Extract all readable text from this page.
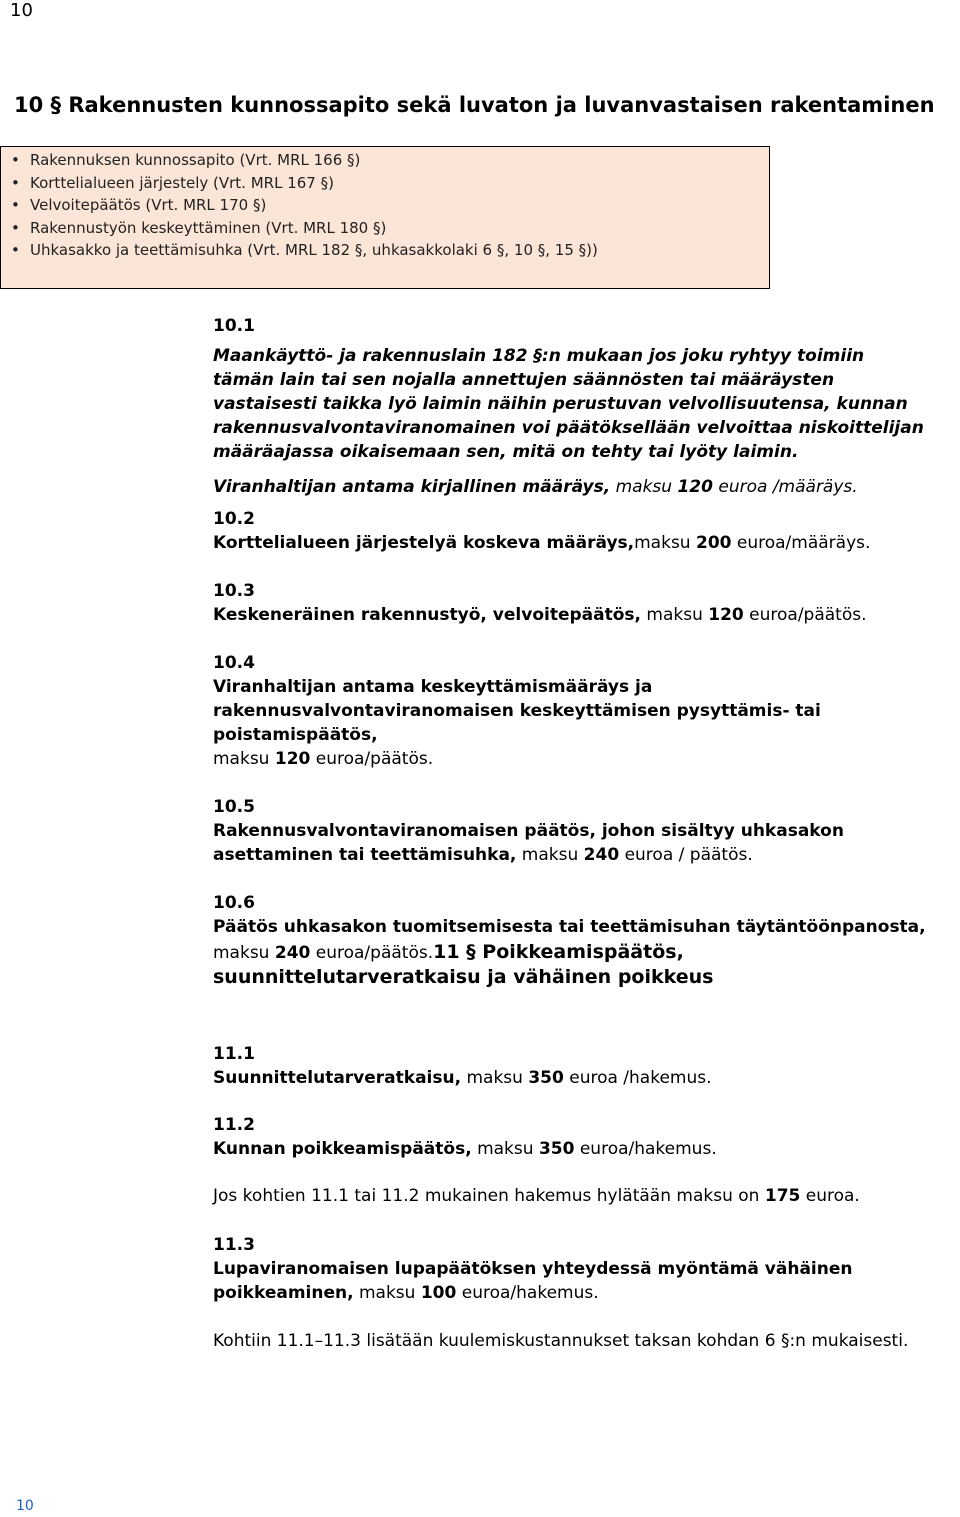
10
10 § Rakennusten kunnossapito sekä luvaton ja luvanvastaisen rakentaminen
• Rakennuksen kunnossapito (Vrt. MRL 166 §)
• Korttelialueen järjestely (Vrt. MRL 167 §)
• Velvoitepäätös (Vrt. MRL 170 §)
• Rakennustyön keskeyttäminen (Vrt. MRL 180 §)
• Uhkasakko ja teettämisuhka (Vrt. MRL 182 §, uhkasakkolaki 6 §, 10 §, 15 §))
10.1
Maankäyttö- ja rakennuslain 182 §:n mukaan jos joku ryhtyy toimiin
tämän lain tai sen nojalla annettujen säännösten tai määräysten
vastaisesti taikka lyö laimin näihin perustuvan velvollisuutensa, kunnan
rakennusvalvontaviranomainen voi päätöksellään velvoittaa niskoittelijan
määräajassa oikaisemaan sen, mitä on tehty tai lyöty laimin.
Viranhaltijan antama kirjallinen määräys, maksu 120 euroa /määräys.
10.2
Korttelialueen järjestelyä koskeva määräys,maksu 200 euroa/määräys.
10.3
Keskeneräinen rakennustyö, velvoitepäätös, maksu 120 euroa/päätös.
10.4
Viranhaltijan antama keskeyttämismääräys ja
rakennusvalvontaviranomaisen keskeyttämisen pysyttämis- tai
poistamispäätös,
maksu 120 euroa/päätös.
10.5
Rakennusvalvontaviranomaisen päätös, johon sisältyy uhkasakon
asettaminen tai teettämisuhka, maksu 240 euroa / päätös.
10.6
Päätös uhkasakon tuomitsemisesta tai teettämisuhan täytäntöönpanosta,
maksu 240 euroa/päätös.11 § Poikkeamispäätös,
suunnittelutarveratkaisu ja vähäinen poikkeus
11.1
Suunnittelutarveratkaisu, maksu 350 euroa /hakemus.
11.2
Kunnan poikkeamispäätös, maksu 350 euroa/hakemus.
Jos kohtien 11.1 tai 11.2 mukainen hakemus hylätään maksu on 175 euroa.
11.3
Lupaviranomaisen lupapäätöksen yhteydessä myöntämä vähäinen
poikkeaminen, maksu 100 euroa/hakemus.
Kohtiin 11.1–11.3 lisätään kuulemiskustannukset taksan kohdan 6 §:n mukaisesti.
10
